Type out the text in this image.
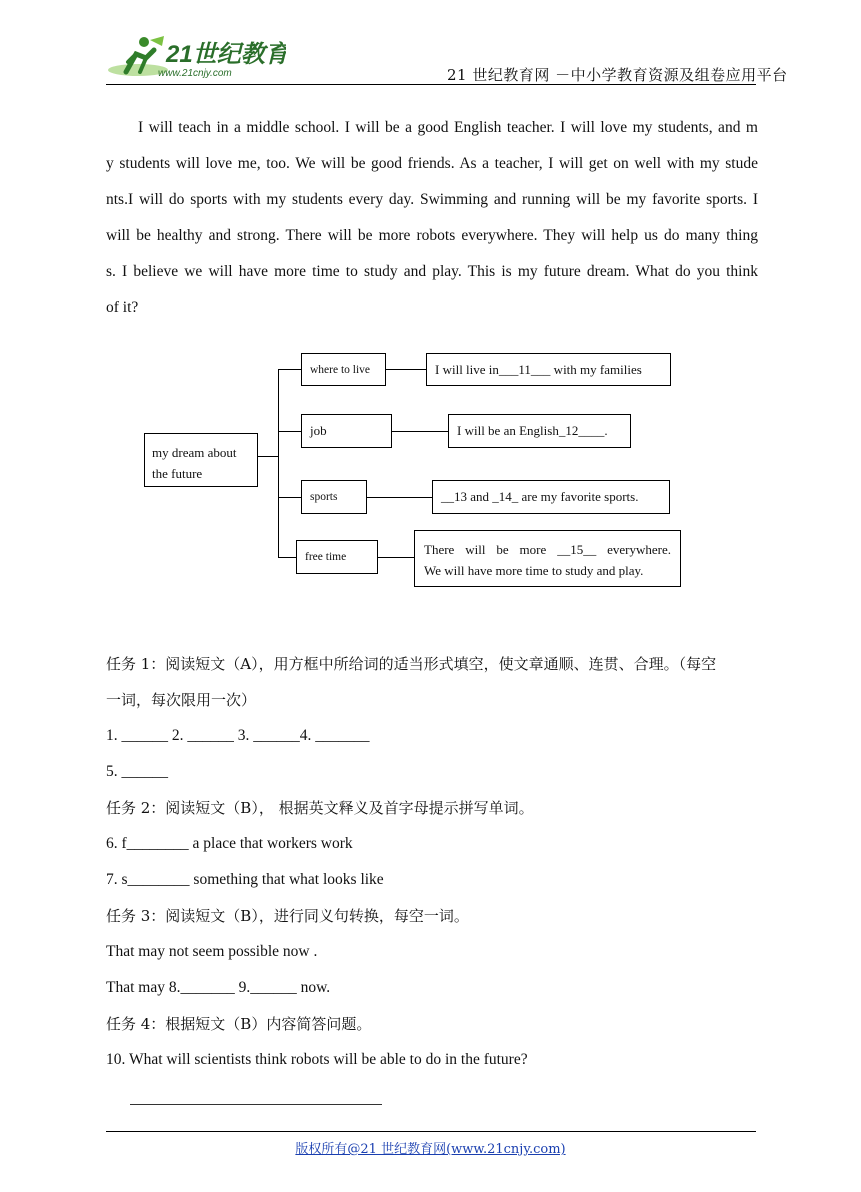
21世纪教育
www.21cnjy.com	21 世纪教育网 －中小学教育资源及组卷应用平台
I will teach in a middle school. I will be a good English teacher. I will love my students, and m
y students will love me, too. We will be good friends. As a teacher, I will get on well with my stude
nts.I will do sports with my students every day. Swimming and running will be my favorite sports. I
will be healthy and strong. There will be more robots everywhere. They will help us do many thing
s. I believe we will have more time to study and play. This is my future dream. What do you think
of it?
my dream about
the future
where to live	I will live in___11___ with my families
job	I will be an English_12____.
sports	__13 and _14_ are my favorite sports.
free time	There will be more __15__ everywhere.
We will have more time to study and play.
任务 1：阅读短文（A），用方框中所给词的适当形式填空，使文章通顺、连贯、合理。（每空
一词，每次限用一次）
1. ______ 2. ______ 3. ______4. _______
5. ______
任务 2：阅读短文（B）， 根据英文释义及首字母提示拼写单词。
6. f________ a place that workers work
7. s________ something that what looks like
任务 3：阅读短文（B），进行同义句转换，每空一词。
That may not seem possible now .
That may 8._______ 9.______ now.
任务 4：根据短文（B）内容简答问题。
10. What will scientists think robots will be able to do in the future?
版权所有@21 世纪教育网(www.21cnjy.com)
